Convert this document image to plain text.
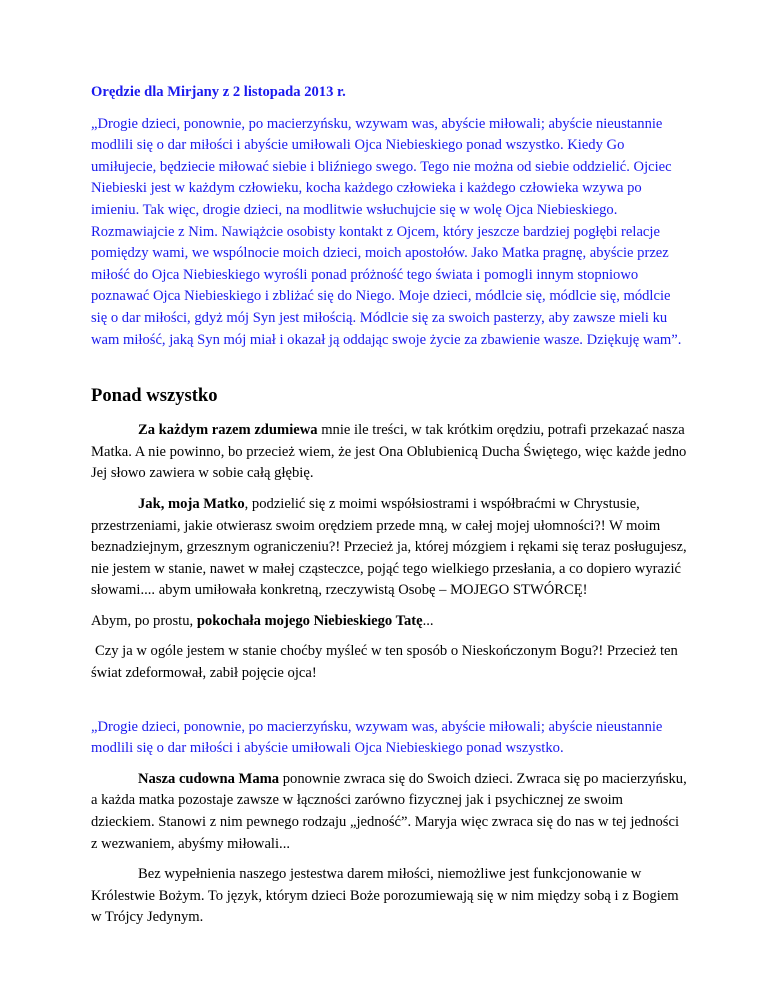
Orędzie dla Mirjany z 2 listopada 2013 r.

„Drogie dzieci, ponownie, po macierzyńsku, wzywam was, abyście miłowali; abyście nieustannie modlili się o dar miłości i abyście umiłowali Ojca Niebieskiego ponad wszystko. Kiedy Go umiłujecie, będziecie miłować siebie i bliźniego swego. Tego nie można od siebie oddzielić. Ojciec Niebieski jest w każdym człowieku, kocha każdego człowieka i każdego człowieka wzywa po imieniu. Tak więc, drogie dzieci, na modlitwie wsłuchujcie się w wolę Ojca Niebieskiego. Rozmawiajcie z Nim. Nawiążcie osobisty kontakt z Ojcem, który jeszcze bardziej pogłębi relacje pomiędzy wami, we wspólnocie moich dzieci, moich apostołów. Jako Matka pragnę, abyście przez miłość do Ojca Niebieskiego wyrośli ponad próżność tego świata i pomogli innym stopniowo poznawać Ojca Niebieskiego i zbliżać się do Niego. Moje dzieci, módlcie się, módlcie się, módlcie się o dar miłości, gdyż mój Syn jest miłością. Módlcie się za swoich pasterzy, aby zawsze mieli ku wam miłość, jaką Syn mój miał i okazał ją oddając swoje życie za zbawienie wasze. Dziękuję wam”.

Ponad wszystko

Za każdym razem zdumiewa mnie ile treści, w tak krótkim orędziu, potrafi przekazać nasza Matka. A nie powinno, bo przecież wiem, że jest Ona Oblubienicą Ducha Świętego, więc każde jedno Jej słowo zawiera w sobie całą głębię.

Jak, moja Matko, podzielić się z moimi współsiostrami i współbraćmi w Chrystusie, przestrzeniami, jakie otwierasz swoim orędziem przede mną, w całej mojej ułomności?! W moim beznadziejnym, grzesznym ograniczeniu?! Przecież ja, której mózgiem i rękami się teraz posługujesz, nie jestem w stanie, nawet w małej cząsteczce, pojąć tego wielkiego przesłania, a co dopiero wyrazić słowami.... abym umiłowała konkretną, rzeczywistą Osobę – MOJEGO STWÓRCĘ!

Abym, po prostu, pokochała mojego Niebieskiego Tatę...

Czy ja w ogóle jestem w stanie choćby myśleć w ten sposób o Nieskończonym Bogu?! Przecież ten świat zdeformował, zabił pojęcie ojca!

„Drogie dzieci, ponownie, po macierzyńsku, wzywam was, abyście miłowali; abyście nieustannie modlili się o dar miłości i abyście umiłowali Ojca Niebieskiego ponad wszystko.

Nasza cudowna Mama ponownie zwraca się do Swoich dzieci. Zwraca się po macierzyńsku, a każda matka pozostaje zawsze w łączności zarówno fizycznej jak i psychicznej ze swoim dzieckiem. Stanowi z nim pewnego rodzaju „jedność”. Maryja więc zwraca się do nas w tej jedności z wezwaniem, abyśmy miłowali...

Bez wypełnienia naszego jestestwa darem miłości, niemożliwe jest funkcjonowanie w Królestwie Bożym. To język, którym dzieci Boże porozumiewają się w nim między sobą i z Bogiem w Trójcy Jedynym.
